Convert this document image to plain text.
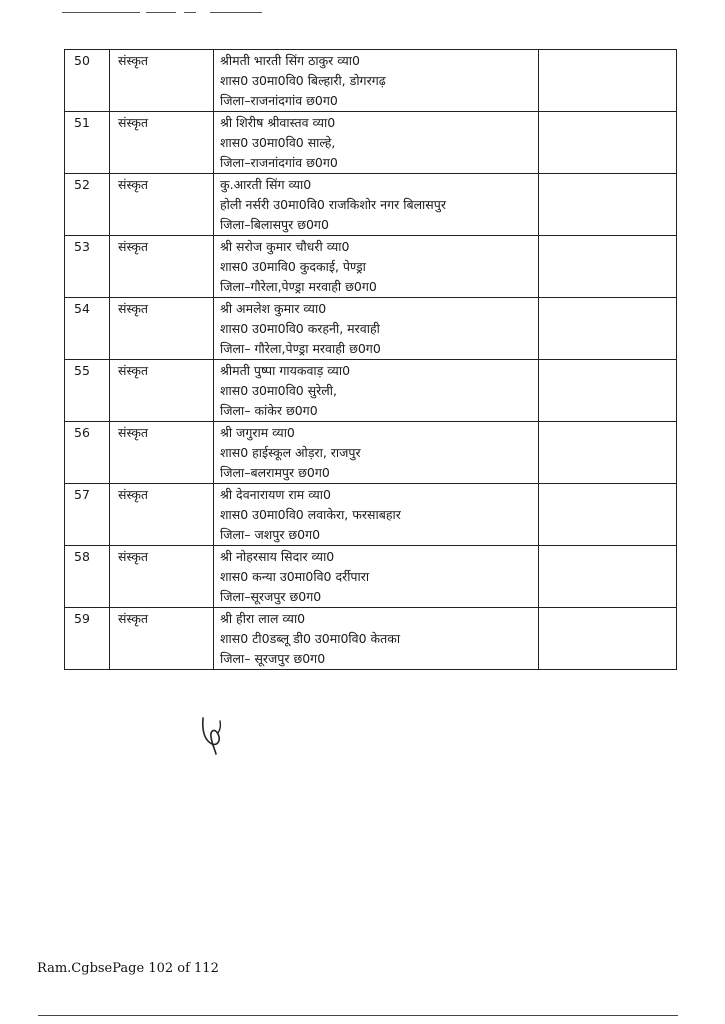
50	संस्कृत	श्रीमती भारती सिंग ठाकुर व्या0
शास0 उ0मा0वि0 बिल्हारी, डोगरगढ़
जिला–राजनांदगांव छ0ग0	

51	संस्कृत	श्री शिरीष श्रीवास्तव व्या0
शास0 उ0मा0वि0 साल्हे,
जिला–राजनांदगांव छ0ग0	

52	संस्कृत	कु.आरती सिंग व्या0
होली नर्सरी उ0मा0वि0 राजकिशोर नगर बिलासपुर
जिला–बिलासपुर छ0ग0	

53	संस्कृत	श्री सरोज कुमार चौधरी व्या0
शास0 उ0मावि0 कुदकाई, पेण्ड्रा
जिला–गौरेला,पेण्ड्रा मरवाही छ0ग0	

54	संस्कृत	श्री अमलेश कुमार व्या0
शास0 उ0मा0वि0 करहनी, मरवाही
जिला– गौरेला,पेण्ड्रा मरवाही छ0ग0	

55	संस्कृत	श्रीमती पुष्पा गायकवाड़ व्या0
शास0 उ0मा0वि0 सुरेली,
जिला– कांकेर छ0ग0	

56	संस्कृत	श्री जगुराम व्या0
शास0 हाईस्कूल ओड़रा, राजपुर
जिला–बलरामपुर छ0ग0	

57	संस्कृत	श्री देवनारायण राम व्या0
शास0 उ0मा0वि0 लवाकेरा, फरसाबहार
जिला– जशपुर छ0ग0	

58	संस्कृत	श्री नोहरसाय सिदार व्या0
शास0 कन्या उ0मा0वि0 दर्रीपारा
जिला–सूरजपुर छ0ग0	

59	संस्कृत	श्री हीरा लाल व्या0
शास0 टी0डब्लू डी0 उ0मा0वि0 केतका
जिला– सूरजपुर छ0ग0	

Ram.CgbsePage 102 of 112
